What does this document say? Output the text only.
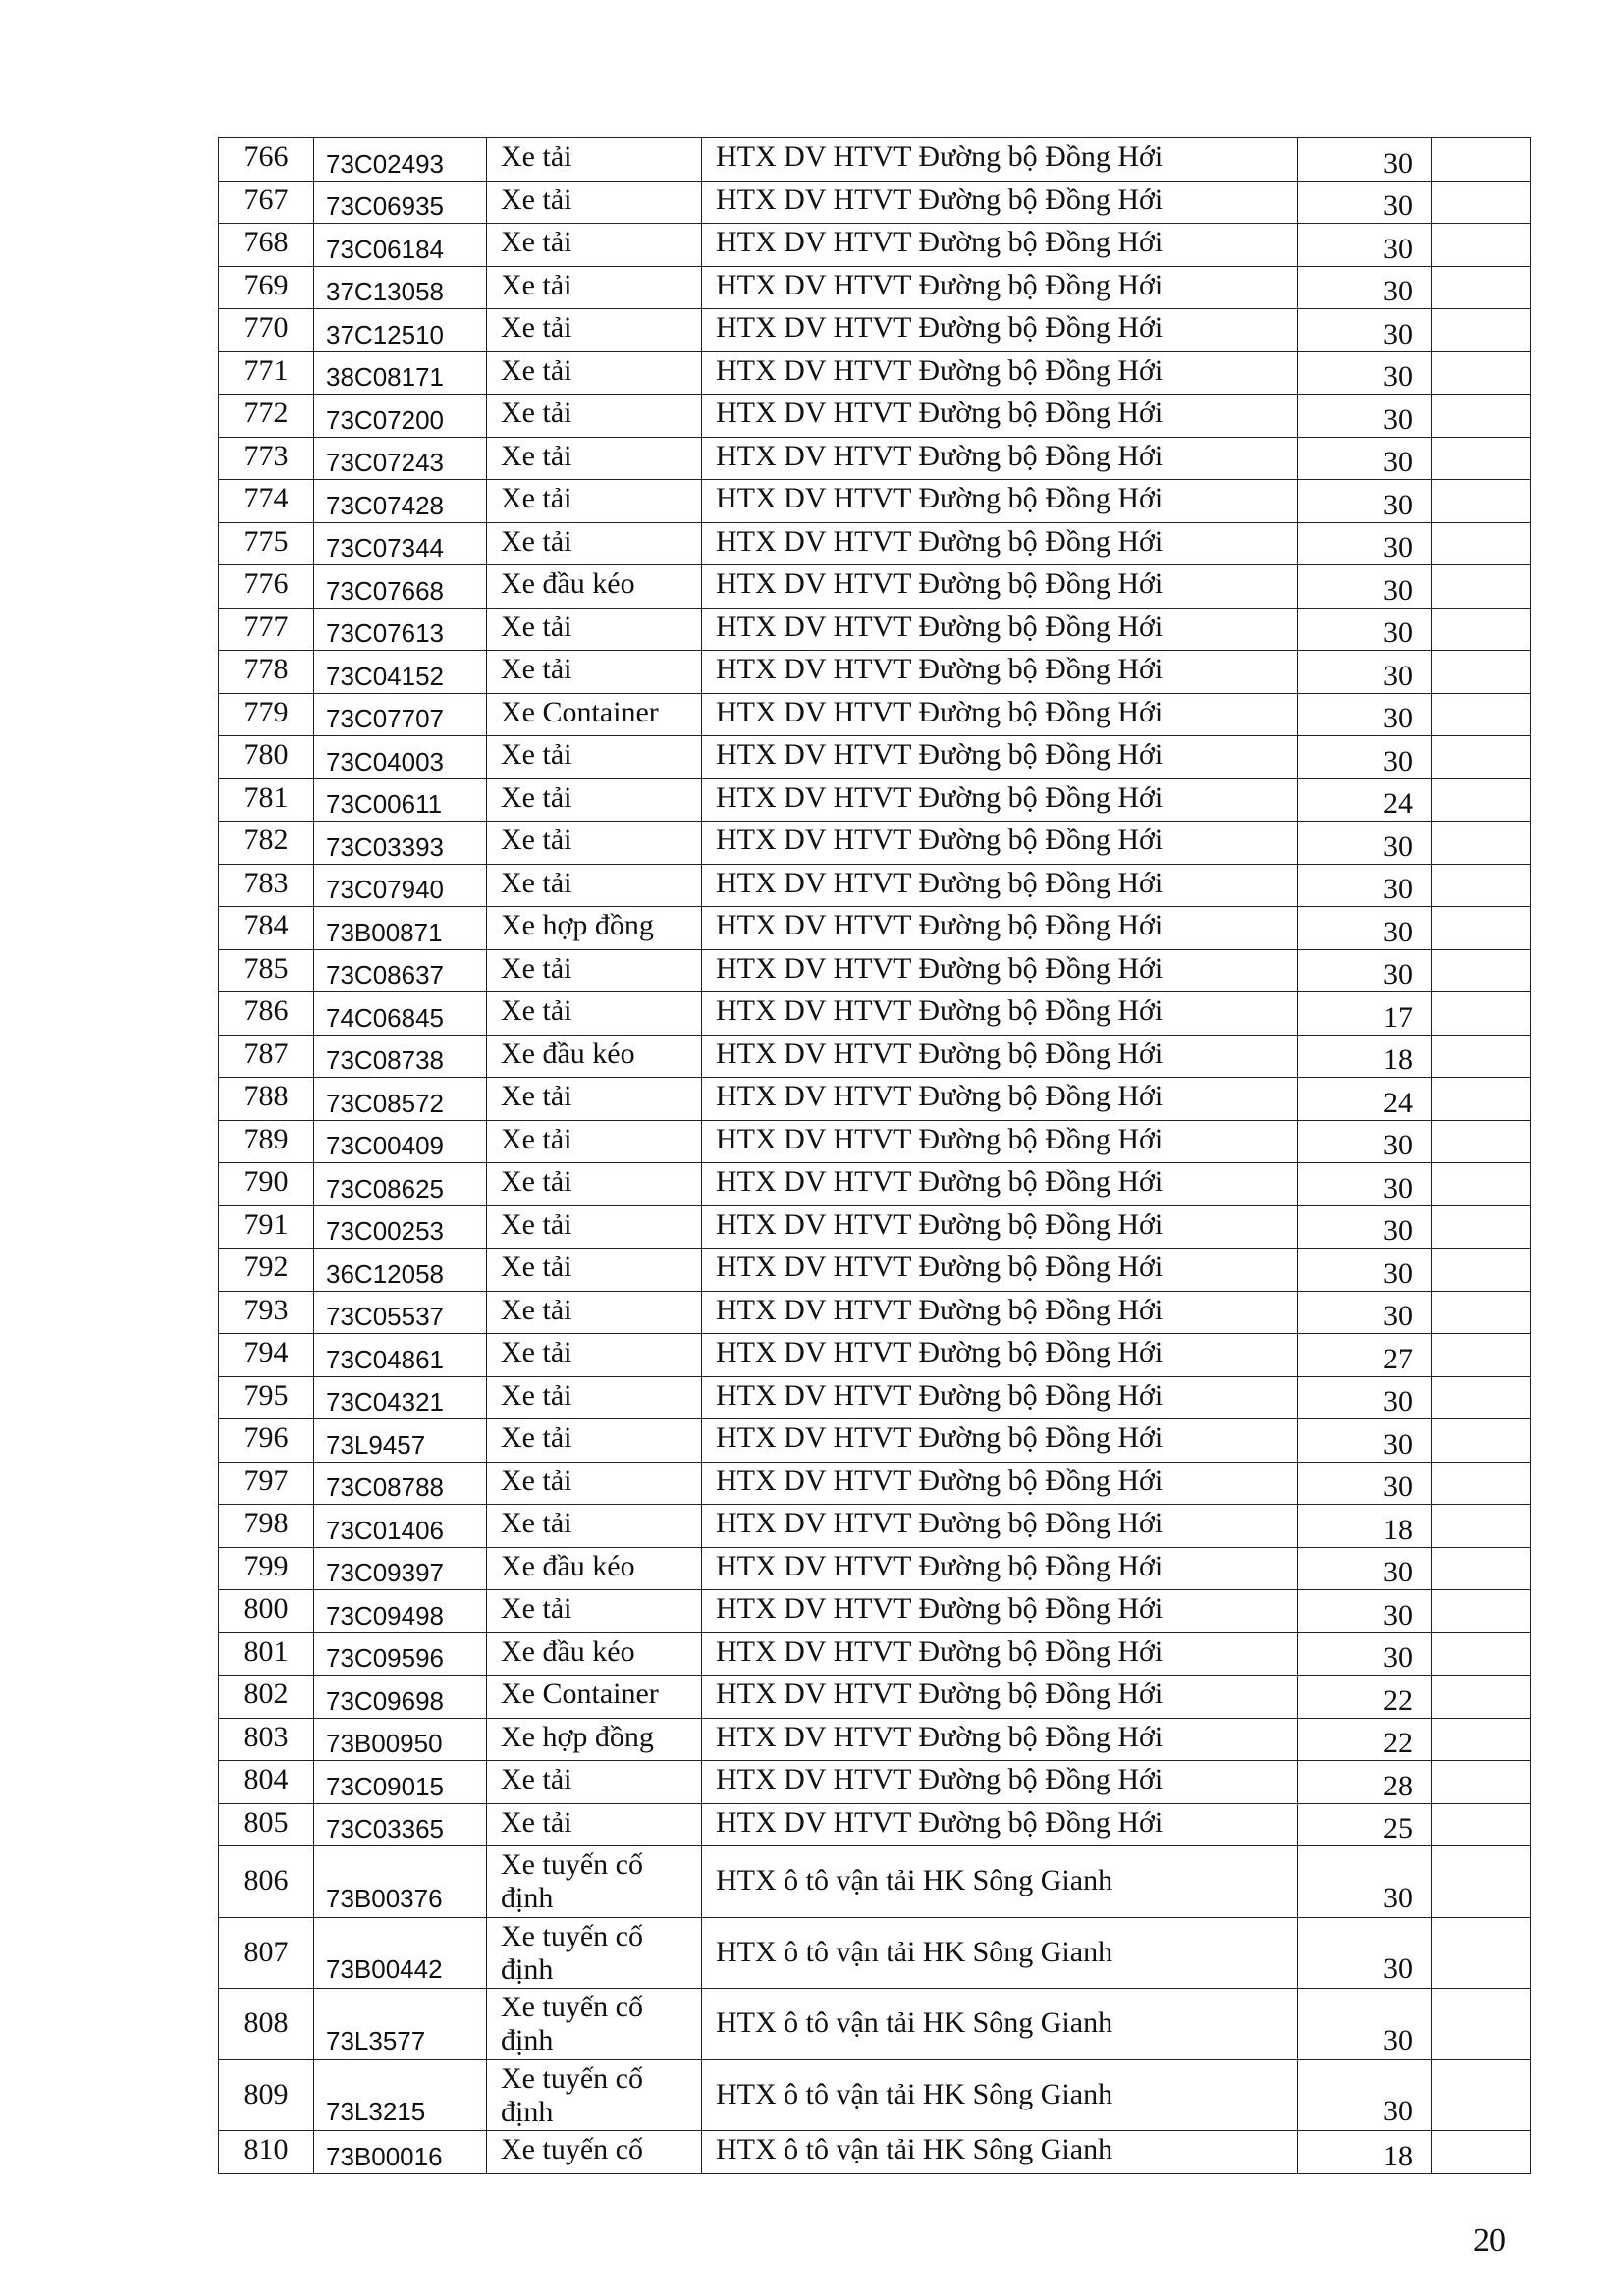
766	73C02493	Xe tải	HTX DV HTVT Đường bộ Đồng Hới	30	
767	73C06935	Xe tải	HTX DV HTVT Đường bộ Đồng Hới	30	
768	73C06184	Xe tải	HTX DV HTVT Đường bộ Đồng Hới	30	
769	37C13058	Xe tải	HTX DV HTVT Đường bộ Đồng Hới	30	
770	37C12510	Xe tải	HTX DV HTVT Đường bộ Đồng Hới	30	
771	38C08171	Xe tải	HTX DV HTVT Đường bộ Đồng Hới	30	
772	73C07200	Xe tải	HTX DV HTVT Đường bộ Đồng Hới	30	
773	73C07243	Xe tải	HTX DV HTVT Đường bộ Đồng Hới	30	
774	73C07428	Xe tải	HTX DV HTVT Đường bộ Đồng Hới	30	
775	73C07344	Xe tải	HTX DV HTVT Đường bộ Đồng Hới	30	
776	73C07668	Xe đầu kéo	HTX DV HTVT Đường bộ Đồng Hới	30	
777	73C07613	Xe tải	HTX DV HTVT Đường bộ Đồng Hới	30	
778	73C04152	Xe tải	HTX DV HTVT Đường bộ Đồng Hới	30	
779	73C07707	Xe Container	HTX DV HTVT Đường bộ Đồng Hới	30	
780	73C04003	Xe tải	HTX DV HTVT Đường bộ Đồng Hới	30	
781	73C00611	Xe tải	HTX DV HTVT Đường bộ Đồng Hới	24	
782	73C03393	Xe tải	HTX DV HTVT Đường bộ Đồng Hới	30	
783	73C07940	Xe tải	HTX DV HTVT Đường bộ Đồng Hới	30	
784	73B00871	Xe hợp đồng	HTX DV HTVT Đường bộ Đồng Hới	30	
785	73C08637	Xe tải	HTX DV HTVT Đường bộ Đồng Hới	30	
786	74C06845	Xe tải	HTX DV HTVT Đường bộ Đồng Hới	17	
787	73C08738	Xe đầu kéo	HTX DV HTVT Đường bộ Đồng Hới	18	
788	73C08572	Xe tải	HTX DV HTVT Đường bộ Đồng Hới	24	
789	73C00409	Xe tải	HTX DV HTVT Đường bộ Đồng Hới	30	
790	73C08625	Xe tải	HTX DV HTVT Đường bộ Đồng Hới	30	
791	73C00253	Xe tải	HTX DV HTVT Đường bộ Đồng Hới	30	
792	36C12058	Xe tải	HTX DV HTVT Đường bộ Đồng Hới	30	
793	73C05537	Xe tải	HTX DV HTVT Đường bộ Đồng Hới	30	
794	73C04861	Xe tải	HTX DV HTVT Đường bộ Đồng Hới	27	
795	73C04321	Xe tải	HTX DV HTVT Đường bộ Đồng Hới	30	
796	73L9457	Xe tải	HTX DV HTVT Đường bộ Đồng Hới	30	
797	73C08788	Xe tải	HTX DV HTVT Đường bộ Đồng Hới	30	
798	73C01406	Xe tải	HTX DV HTVT Đường bộ Đồng Hới	18	
799	73C09397	Xe đầu kéo	HTX DV HTVT Đường bộ Đồng Hới	30	
800	73C09498	Xe tải	HTX DV HTVT Đường bộ Đồng Hới	30	
801	73C09596	Xe đầu kéo	HTX DV HTVT Đường bộ Đồng Hới	30	
802	73C09698	Xe Container	HTX DV HTVT Đường bộ Đồng Hới	22	
803	73B00950	Xe hợp đồng	HTX DV HTVT Đường bộ Đồng Hới	22	
804	73C09015	Xe tải	HTX DV HTVT Đường bộ Đồng Hới	28	
805	73C03365	Xe tải	HTX DV HTVT Đường bộ Đồng Hới	25	
806	73B00376	Xe tuyến cố định	HTX ô tô vận tải HK Sông Gianh	30	
807	73B00442	Xe tuyến cố định	HTX ô tô vận tải HK Sông Gianh	30	
808	73L3577	Xe tuyến cố định	HTX ô tô vận tải HK Sông Gianh	30	
809	73L3215	Xe tuyến cố định	HTX ô tô vận tải HK Sông Gianh	30	
810	73B00016	Xe tuyến cố	HTX ô tô vận tải HK Sông Gianh	18	
20
